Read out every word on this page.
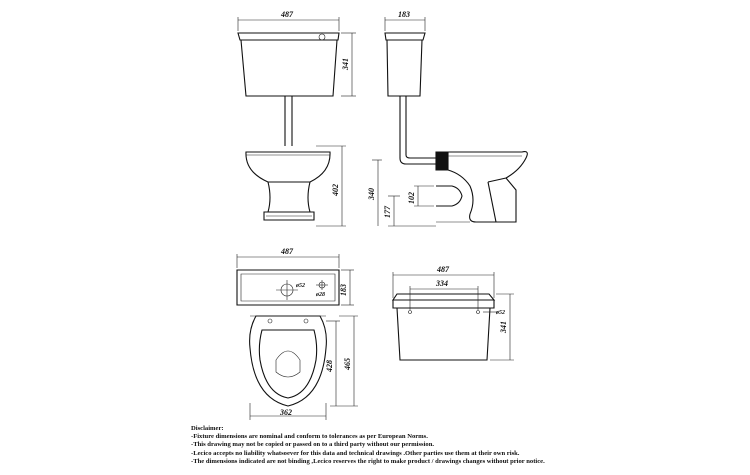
487
341
402
183
340	102
177
ø52
ø28
487
183
428 465
362
ø52
487
334
341
Disclaimer:
-Fixture dimensions are nominal and conform to tolerances as per European Norms.
-This drawing may not be copied or passed on to a third party without our permission.
-Lecico accepts no liability whatsoever for this data and technical drawings .Other parties use them at their own risk.
-The dimensions indicated are not binding ,Lecico reserves the right to make product / drawings changes without prior notice.
